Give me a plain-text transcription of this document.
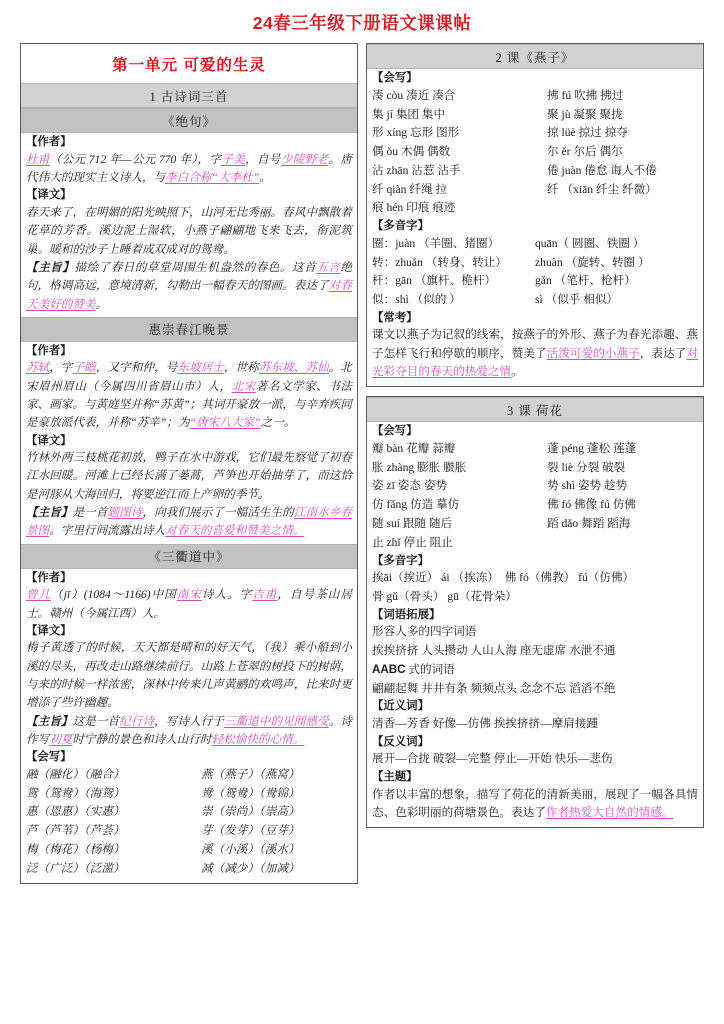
24春三年级下册语文课课帖
第一单元 可爱的生灵
1 古诗词三首
《绝句》
【作者】

杜甫（公元 712 年—公元 770 年），字子美，自号少陵野老。唐代伟大的现实主义诗人，与李白合称“大李杜”。

【译文】

春天来了，在明媚的阳光映照下，山河无比秀丽。春风中飘散着花草的芳香。溪边泥土湿软，小燕子翩翩地飞来飞去，衔泥筑巢。暖和的沙子上睡着成双成对的鸳鸯。

【主旨】描绘了春日的草堂周围生机盎然的春色。这首五言绝句，格调高远，意境清新，勾勒出一幅春天的图画。表达了对春天美好的赞美。

惠崇春江晚景
【作者】

苏轼，字子瞻，又字和仲，号东坡居士，世称苏东坡、苏仙。北宋眉州眉山（今属四川省眉山市）人，北宋著名文学家、书法家、画家。与黄庭坚并称“苏黄”；其词开豪放一派，与辛弃疾同是豪放派代表，并称“苏辛”；为“唐宋八大家”之一。

【译文】

竹林外两三枝桃花初放，鸭子在水中游戏，它们最先察觉了初春江水回暖。河滩上已经长满了蒌蒿，芦笋也开始抽芽了，而这恰是河豚从大海回归，将要逆江而上产卵的季节。

【主旨】是一首题图诗，向我们展示了一幅活生生的江南水乡春景图。字里行间流露出诗人对春天的喜爱和赞美之情。

《三衢道中》
【作者】

曾几（jī）(1084～1166)中国南宋诗人。字吉甫，自号茶山居士。赣州（今属江西）人。

【译文】

梅子黄透了的时候，天天都是晴和的好天气，（我）乘小船到小溪的尽头，再改走山路继续前行。山路上苍翠的树投下的树荫，与来的时候一样浓密，深林中传来几声黄鹂的欢鸣声，比来时更增添了些许幽趣。

【主旨】这是一首纪行诗，写诗人行于三衢道中的见闻感受。诗作写初夏时宁静的景色和诗人山行时轻松愉快的心情。

【会写】
融（融化）（融合）	燕（燕子）（燕窝）
鸳（鸳鸯）（海鸳）	鸯（鸳鸯）（鸯锦）
惠（恩惠）（实惠）	崇（崇尚）（崇高）
芦（芦苇）（芦荟）	芽（发芽）（豆芽）
梅（梅花）（杨梅）	溪（小溪）（溪水）
泛（广泛）（泛滥）	减（减少）（加减）
2 课《燕子》
【会写】
凑 còu 凑近 凑合	拂 fú 吹拂 拂过
集 jí 集团 集中	聚 jù 凝聚 聚拢
形 xíng 忘形 图形	掠 lüè 掠过 掠夺
偶 ǒu 木偶 偶数	尔 ěr 尔后 偶尔
沾 zhān 沾惹 沾手	倦 juàn 倦怠 诲人不倦
纤 qiàn 纤绳 拉	纤 （xiān 纤尘 纤微）
痕 hén 印痕 痕迹
【多音字】
圈：juàn （羊圈、猪圈）	quān（ 圆圈、铁圈 ）
转：zhuǎn （转身、转让）	zhuàn （旋转、转圈 ）
杆：gān （旗杆、桅杆）	gǎn （笔杆、枪杆）
似：shì （似的 ）	sì （似乎 相似）
【常考】

课文以燕子为记叙的线索，按燕子的外形、燕子为春光添趣、燕子怎样飞行和停歇的顺序，赞美了活泼可爱的小燕子，表达了对光彩夺目的春天的热爱之情。

3 课 荷花
【会写】
瓣 bàn 花瓣 蒜瓣	蓬 péng 蓬松 莲蓬
胀 zhàng 膨胀 臌胀	裂 liè 分裂 破裂
姿 zī 姿态 姿势	势 shì 姿势 趁势
仿 fǎng 仿造 摹仿	佛 fó 佛像 fú 仿佛
随 suí 跟随 随后	蹈 dǎo 舞蹈 蹈海
止 zhǐ 停止 阻止
【多音字】
挨āi（挨近） ái （挨冻） 佛 fó（佛教） fú（仿佛）
骨 gǔ（骨头） gū（花骨朵）
【词语拓展】
形容人多的四字词语
挨挨挤挤 人头攒动 人山人海 座无虚席 水泄不通
AABC 式的词语
翩翩起舞 井井有条 频频点头 念念不忘 滔滔不绝
【近义词】
清香—芳香 好像—仿佛 挨挨挤挤—摩肩接踵
【反义词】
展开—合拢 破裂—完整 停止—开始 快乐—悲伤
【主题】

作者以丰富的想象，描写了荷花的清新美丽，展现了一幅各具情态、色彩明丽的荷塘景色。表达了作者热爱大自然的情感。
